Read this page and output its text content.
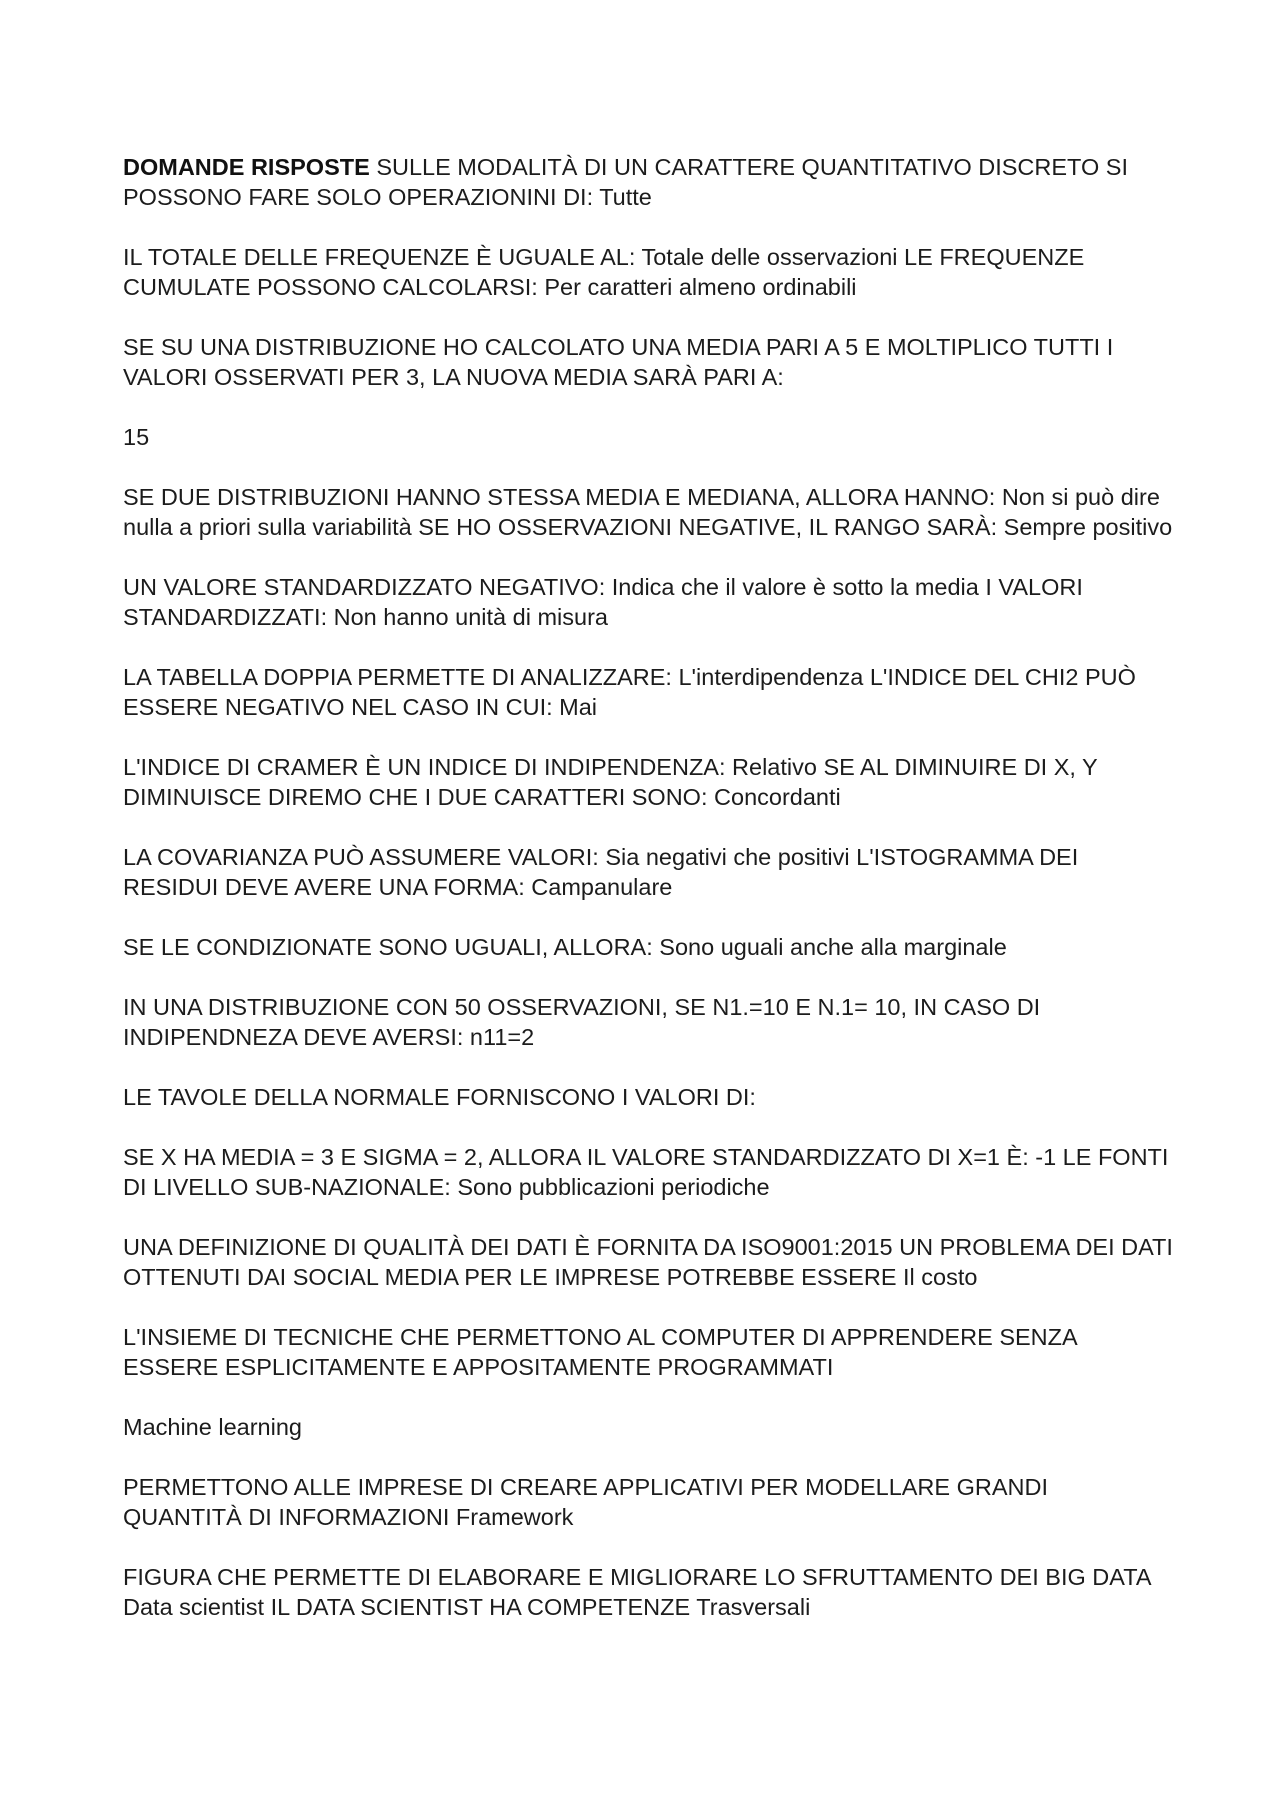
DOMANDE RISPOSTE SULLE MODALITÀ DI UN CARATTERE QUANTITATIVO DISCRETO SI POSSONO FARE SOLO OPERAZIONINI DI: Tutte

IL TOTALE DELLE FREQUENZE È UGUALE AL: Totale delle osservazioni LE FREQUENZE CUMULATE POSSONO CALCOLARSI: Per caratteri almeno ordinabili

SE SU UNA DISTRIBUZIONE HO CALCOLATO UNA MEDIA PARI A 5 E MOLTIPLICO TUTTI I VALORI OSSERVATI PER 3, LA NUOVA MEDIA SARÀ PARI A:

15

SE DUE DISTRIBUZIONI HANNO STESSA MEDIA E MEDIANA, ALLORA HANNO: Non si può dire nulla a priori sulla variabilità SE HO OSSERVAZIONI NEGATIVE, IL RANGO SARÀ: Sempre positivo

UN VALORE STANDARDIZZATO NEGATIVO: Indica che il valore è sotto la media I VALORI STANDARDIZZATI: Non hanno unità di misura

LA TABELLA DOPPIA PERMETTE DI ANALIZZARE: L'interdipendenza L'INDICE DEL CHI2 PUÒ ESSERE NEGATIVO NEL CASO IN CUI: Mai

L'INDICE DI CRAMER È UN INDICE DI INDIPENDENZA: Relativo SE AL DIMINUIRE DI X, Y DIMINUISCE DIREMO CHE I DUE CARATTERI SONO: Concordanti

LA COVARIANZA PUÒ ASSUMERE VALORI: Sia negativi che positivi L'ISTOGRAMMA DEI RESIDUI DEVE AVERE UNA FORMA: Campanulare

SE LE CONDIZIONATE SONO UGUALI, ALLORA: Sono uguali anche alla marginale

IN UNA DISTRIBUZIONE CON 50 OSSERVAZIONI, SE N1.=10 E N.1= 10, IN CASO DI INDIPENDNEZA DEVE AVERSI: n11=2

LE TAVOLE DELLA NORMALE FORNISCONO I VALORI DI:

SE X HA MEDIA = 3 E SIGMA = 2, ALLORA IL VALORE STANDARDIZZATO DI X=1 È: -1 LE FONTI DI LIVELLO SUB-NAZIONALE: Sono pubblicazioni periodiche

UNA DEFINIZIONE DI QUALITÀ DEI DATI È FORNITA DA ISO9001:2015 UN PROBLEMA DEI DATI OTTENUTI DAI SOCIAL MEDIA PER LE IMPRESE POTREBBE ESSERE Il costo

L'INSIEME DI TECNICHE CHE PERMETTONO AL COMPUTER DI APPRENDERE SENZA ESSERE ESPLICITAMENTE E APPOSITAMENTE PROGRAMMATI

Machine learning

PERMETTONO ALLE IMPRESE DI CREARE APPLICATIVI PER MODELLARE GRANDI QUANTITÀ DI INFORMAZIONI Framework

FIGURA CHE PERMETTE DI ELABORARE E MIGLIORARE LO SFRUTTAMENTO DEI BIG DATA Data scientist IL DATA SCIENTIST HA COMPETENZE Trasversali
